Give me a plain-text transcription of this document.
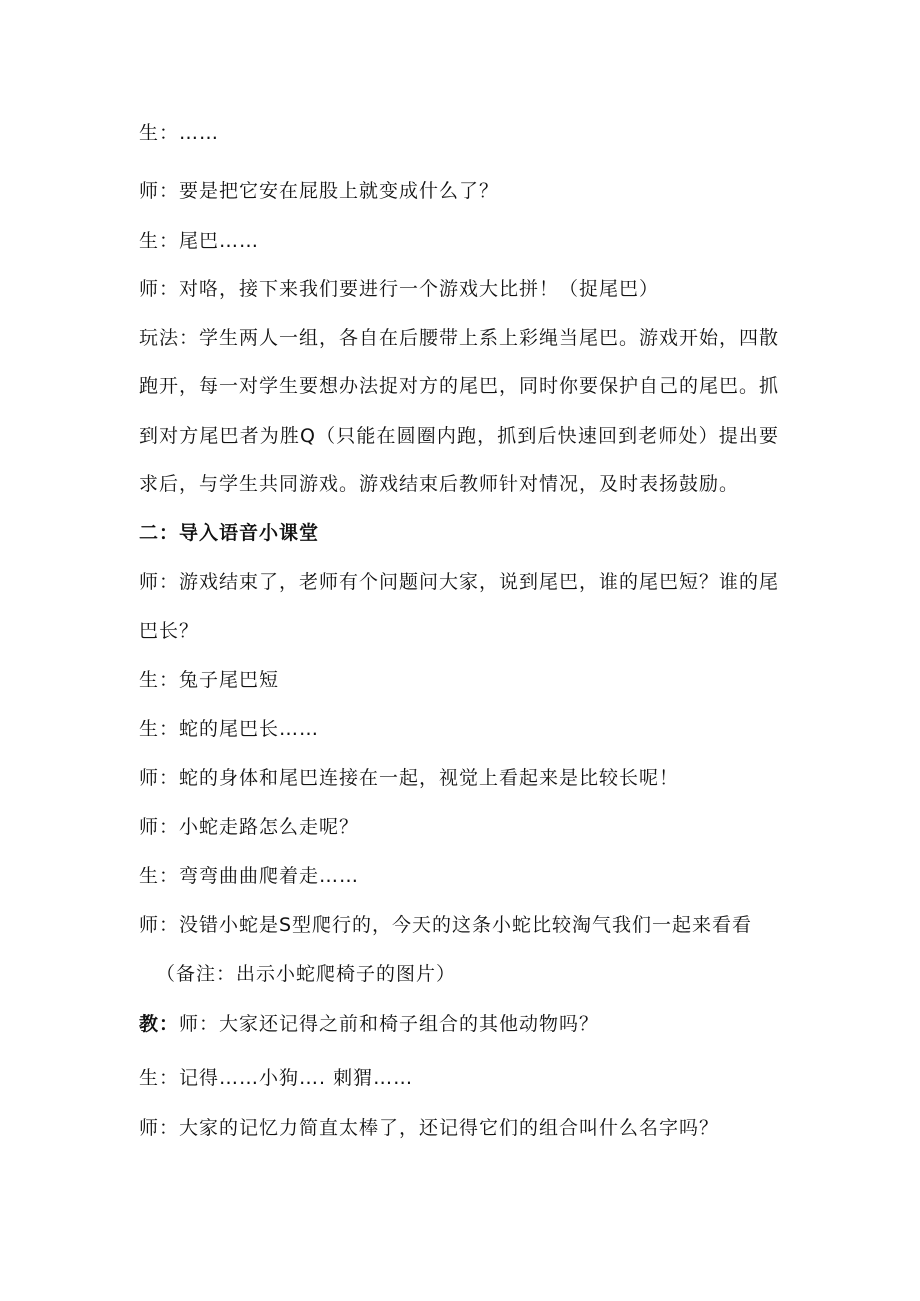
生：……
师：要是把它安在屁股上就变成什么了？
生：尾巴……
师：对咯，接下来我们要进行一个游戏大比拼！（捉尾巴）
玩法：学生两人一组，各自在后腰带上系上彩绳当尾巴。游戏开始，四散
跑开，每一对学生要想办法捉对方的尾巴，同时你要保护自己的尾巴。抓
到对方尾巴者为胜Q（只能在圆圈内跑，抓到后快速回到老师处）提出要
求后，与学生共同游戏。游戏结束后教师针对情况，及时表扬鼓励。
二：导入语音小课堂
师：游戏结束了，老师有个问题问大家，说到尾巴，谁的尾巴短？谁的尾
巴长？
生：兔子尾巴短
生：蛇的尾巴长……
师：蛇的身体和尾巴连接在一起，视觉上看起来是比较长呢！
师：小蛇走路怎么走呢？
生：弯弯曲曲爬着走……
师：没错小蛇是S型爬行的，今天的这条小蛇比较淘气我们一起来看看
（备注：出示小蛇爬椅子的图片）
教：师：大家还记得之前和椅子组合的其他动物吗？
生：记得……小狗…. 刺猬……
师：大家的记忆力简直太棒了，还记得它们的组合叫什么名字吗？
